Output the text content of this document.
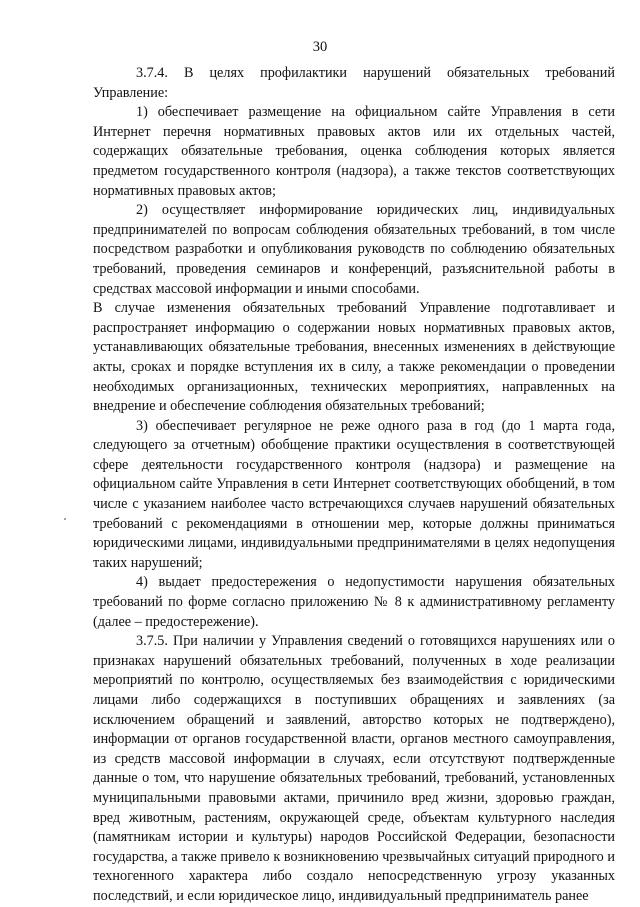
30

3.7.4. В целях профилактики нарушений обязательных требований Управление:

1) обеспечивает размещение на официальном сайте Управления в сети Интернет перечня нормативных правовых актов или их отдельных частей, содержащих обязательные требования, оценка соблюдения которых является предметом государственного контроля (надзора), а также текстов соответствующих нормативных правовых актов;

2) осуществляет информирование юридических лиц, индивидуальных предпринимателей по вопросам соблюдения обязательных требований, в том числе посредством разработки и опубликования руководств по соблюдению обязательных требований, проведения семинаров и конференций, разъяснительной работы в средствах массовой информации и иными способами.

В случае изменения обязательных требований Управление подготавливает и распространяет информацию о содержании новых нормативных правовых актов, устанавливающих обязательные требования, внесенных изменениях в действующие акты, сроках и порядке вступления их в силу, а также рекомендации о проведении необходимых организационных, технических мероприятиях, направленных на внедрение и обеспечение соблюдения обязательных требований;

3) обеспечивает регулярное не реже одного раза в год (до 1 марта года, следующего за отчетным) обобщение практики осуществления в соответствующей сфере деятельности государственного контроля (надзора) и размещение на официальном сайте Управления в сети Интернет соответствующих обобщений, в том числе с указанием наиболее часто встречающихся случаев нарушений обязательных требований с рекомендациями в отношении мер, которые должны приниматься юридическими лицами, индивидуальными предпринимателями в целях недопущения таких нарушений;

4) выдает предостережения о недопустимости нарушения обязательных требований по форме согласно приложению № 8 к административному регламенту (далее – предостережение).

3.7.5. При наличии у Управления сведений о готовящихся нарушениях или о признаках нарушений обязательных требований, полученных в ходе реализации мероприятий по контролю, осуществляемых без взаимодействия с юридическими лицами либо содержащихся в поступивших обращениях и заявлениях (за исключением обращений и заявлений, авторство которых не подтверждено), информации от органов государственной власти, органов местного самоуправления, из средств массовой информации в случаях, если отсутствуют подтвержденные данные о том, что нарушение обязательных требований, требований, установленных муниципальными правовыми актами, причинило вред жизни, здоровью граждан, вред животным, растениям, окружающей среде, объектам культурного наследия (памятникам истории и культуры) народов Российской Федерации, безопасности государства, а также привело к возникновению чрезвычайных ситуаций природного и техногенного характера либо создало непосредственную угрозу указанных последствий, и если юридическое лицо, индивидуальный предприниматель ранее
